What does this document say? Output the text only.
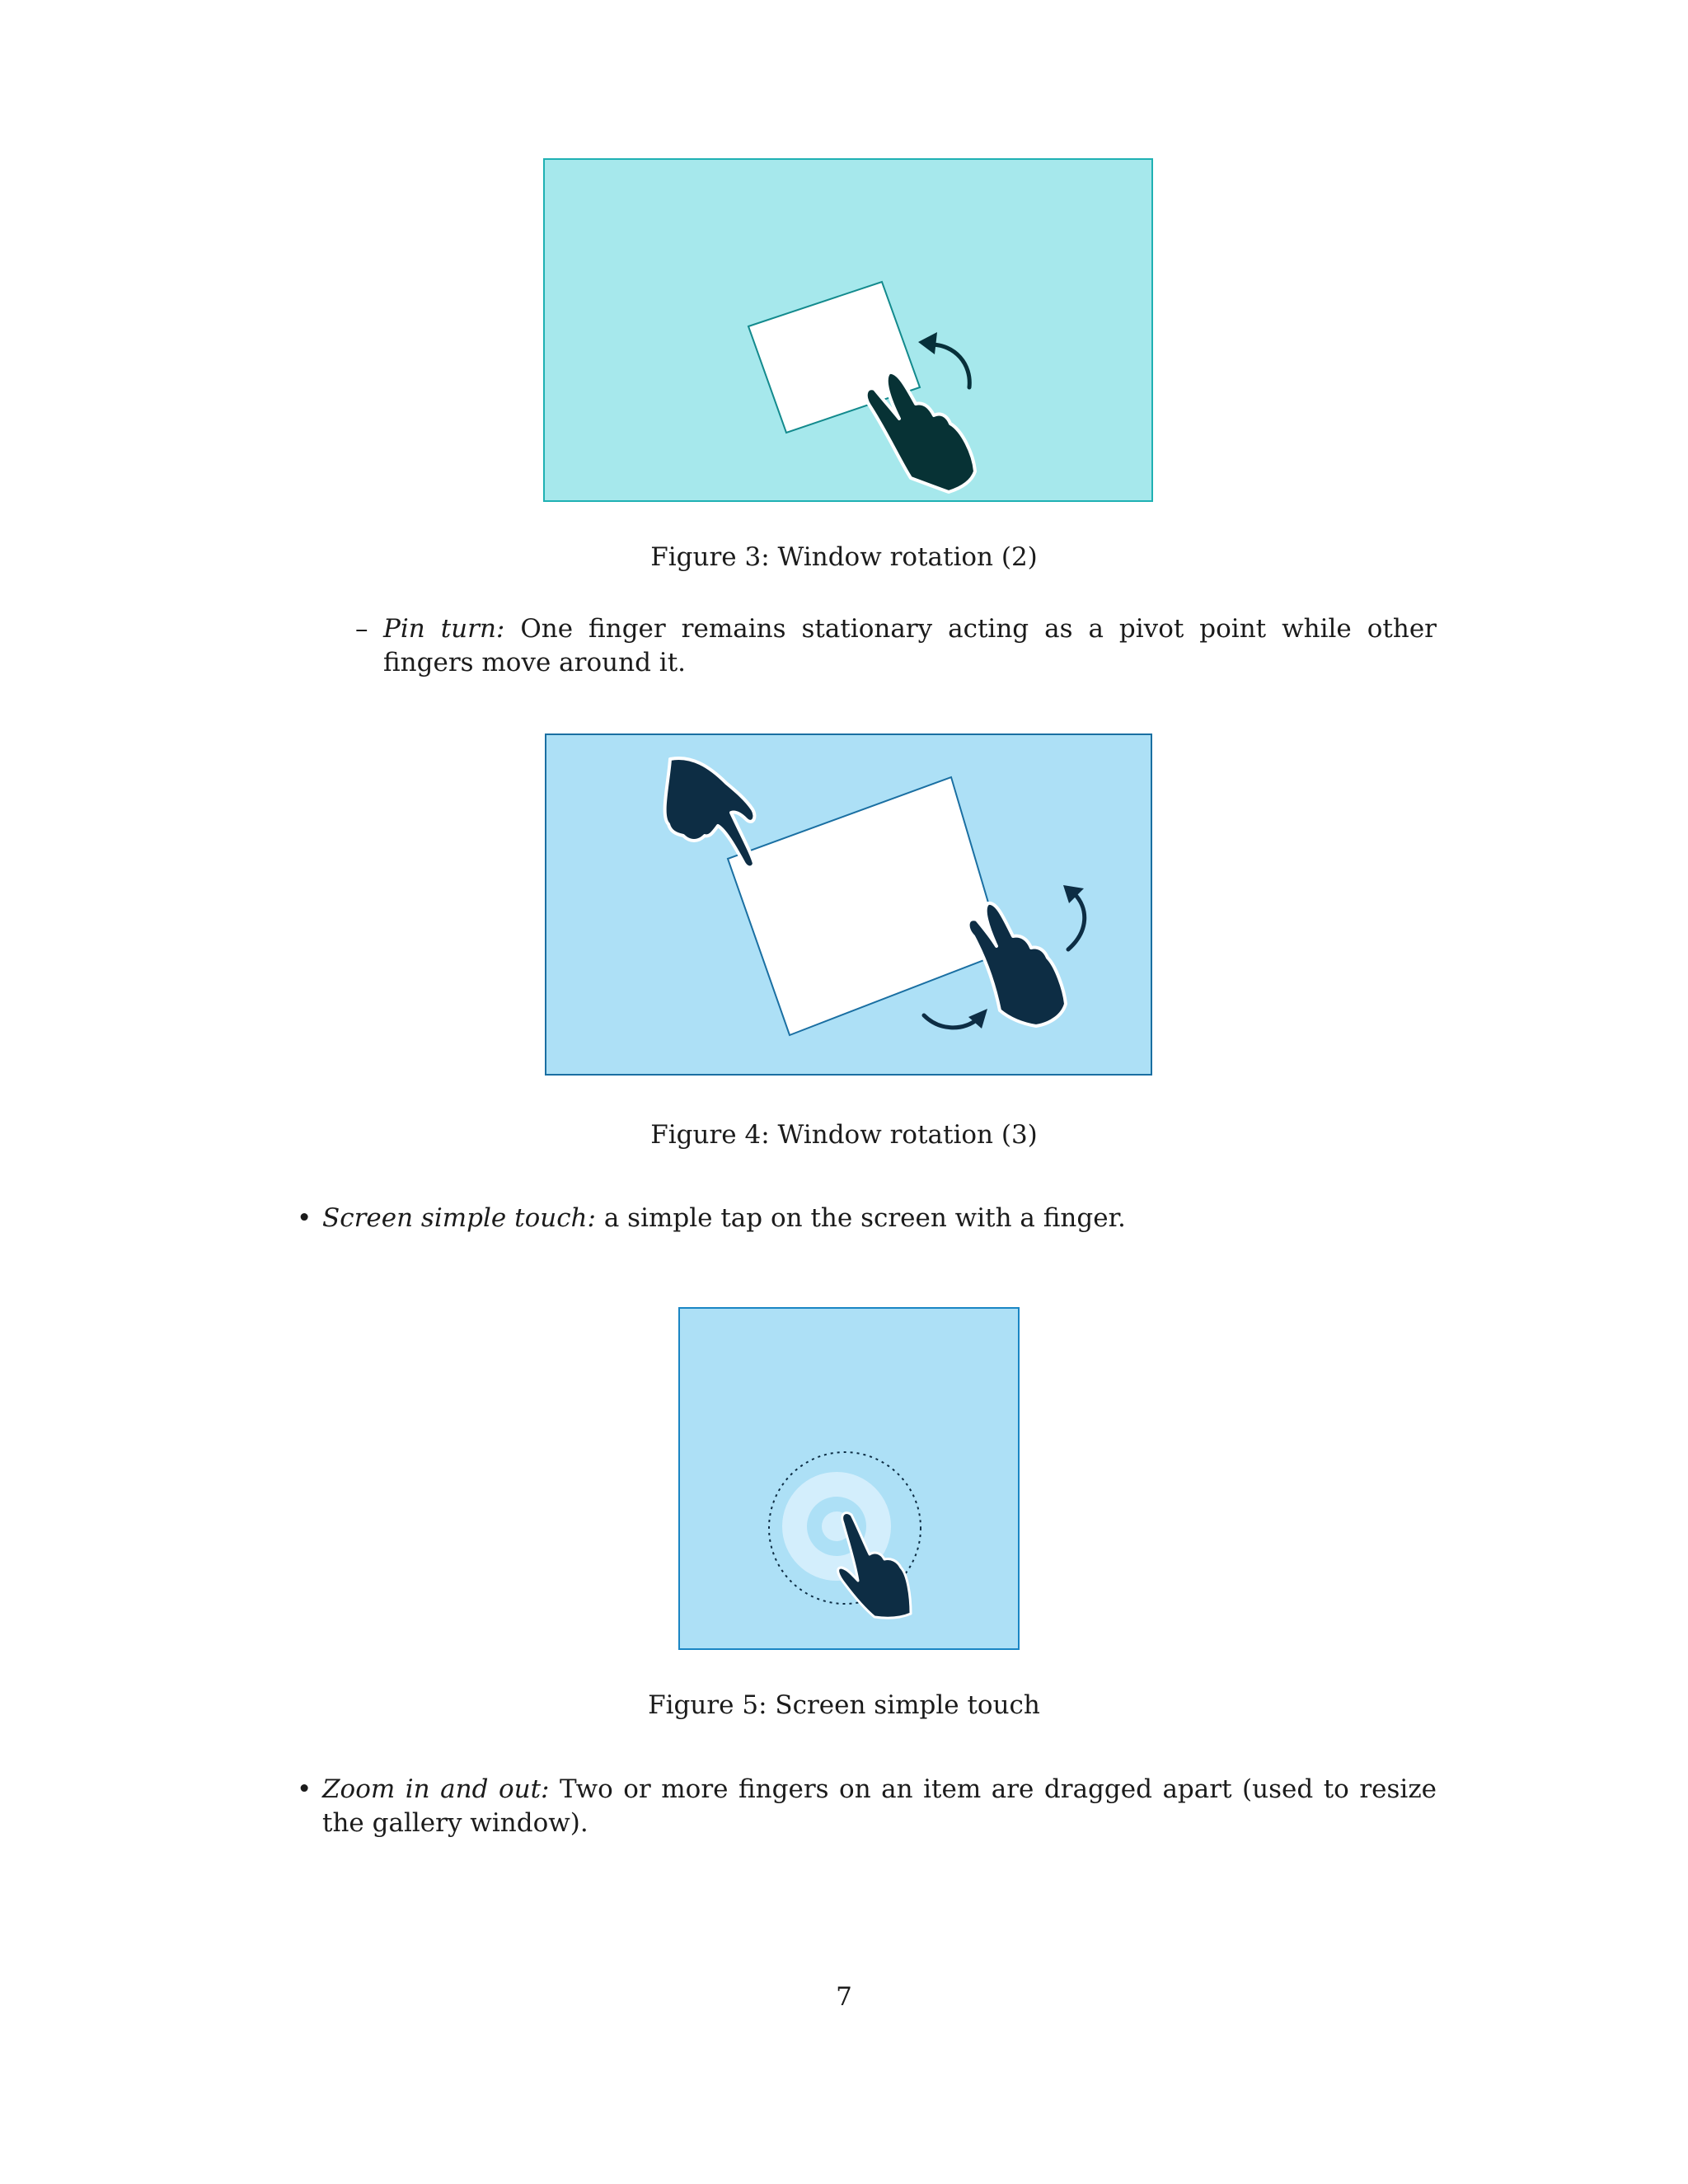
Figure 3: Window rotation (2)
– Pin turn: One finger remains stationary acting as a pivot point while other fingers move around it.
Figure 4: Window rotation (3)
• Screen simple touch: a simple tap on the screen with a finger.
Figure 5: Screen simple touch
• Zoom in and out: Two or more fingers on an item are dragged apart (used to resize the gallery window).
7
